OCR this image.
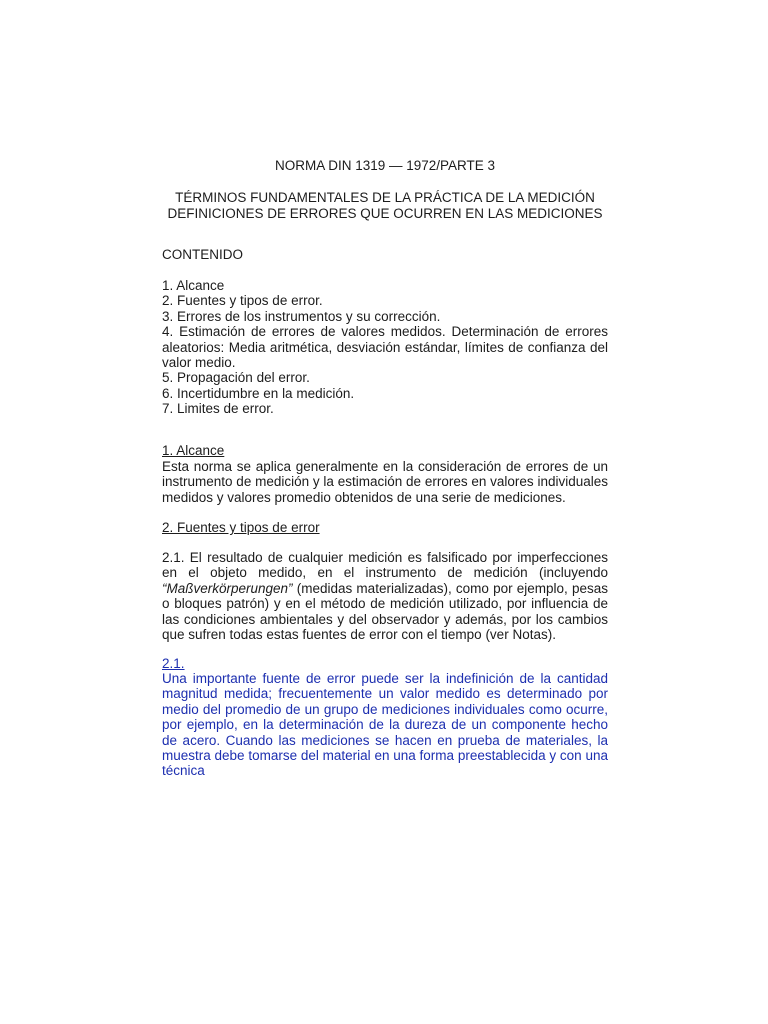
NORMA DIN 1319 — 1972/PARTE 3
TÉRMINOS FUNDAMENTALES DE LA PRÁCTICA DE LA MEDICIÓN
DEFINICIONES DE ERRORES QUE OCURREN EN LAS MEDICIONES
CONTENIDO
1. Alcance
2. Fuentes y tipos de error.
3. Errores de los instrumentos y su corrección.
4. Estimación de errores de valores medidos. Determinación de errores aleatorios: Media aritmética, desviación estándar, límites de confianza del valor medio.
5. Propagación del error.
6. Incertidumbre en la medición.
7. Limites de error.
1. Alcance
Esta norma se aplica generalmente en la consideración de errores de un instrumento de medición y la estimación de errores en valores individuales medidos y valores promedio obtenidos de una serie de mediciones.
2. Fuentes y tipos de error
2.1. El resultado de cualquier medición es falsificado por imperfecciones en el objeto medido, en el instrumento de medición (incluyendo “Maßverkörperungen” (medidas materializadas), como por ejemplo, pesas o bloques patrón) y en el método de medición utilizado, por influencia de las condiciones ambientales y del observador y además, por los cambios que sufren todas estas fuentes de error con el tiempo (ver Notas).
2.1.
Una importante fuente de error puede ser la indefinición de la cantidad magnitud medida; frecuentemente un valor medido es determinado por medio del promedio de un grupo de mediciones individuales como ocurre, por ejemplo, en la determinación de la dureza de un componente hecho de acero. Cuando las mediciones se hacen en prueba de materiales, la muestra debe tomarse del material en una forma preestablecida y con una técnica
